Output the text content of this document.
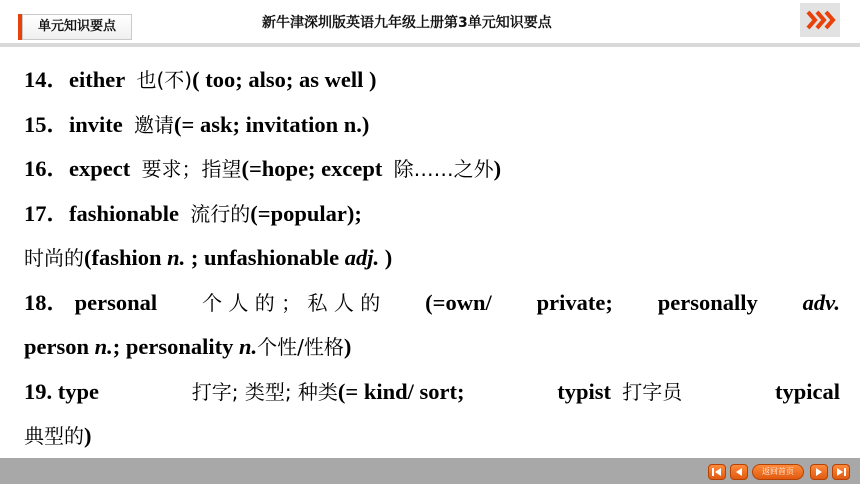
单元知识要点	新牛津深圳版英语九年级上册第3单元知识要点
14．either 也(不)( too; also; as well )
15．invite 邀请(= ask; invitation n.)
16．expect 要求；指望(=hope; except 除……之外)
17．fashionable 流行的(=popular);
时尚的(fashion n. ; unfashionable adj. )
18． personal 个 人 的 ； 私 人 的 (=own/ private; personally adv.
person n.; personality n.个性/性格)
19. type	打字; 类型; 种类(= kind/ sort;	typist 打字员	typical
典型的)
返回首页
